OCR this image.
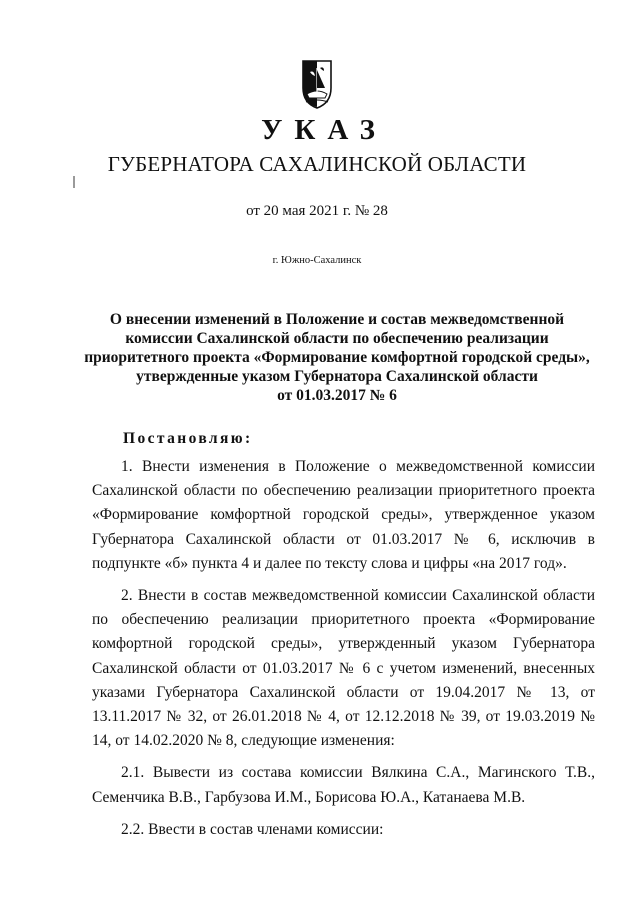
УКАЗ
ГУБЕРНАТОРА САХАЛИНСКОЙ ОБЛАСТИ
от 20 мая 2021 г. № 28
г. Южно-Сахалинск
О внесении изменений в Положение и состав межведомственной
комиссии Сахалинской области по обеспечению реализации
приоритетного проекта «Формирование комфортной городской среды»,
утвержденные указом Губернатора Сахалинской области
от 01.03.2017 № 6
Постановляю:

1. Внести изменения в Положение о межведомственной комиссии Сахалинской области по обеспечению реализации приоритетного проекта «Формирование комфортной городской среды», утвержденное указом Губернатора Сахалинской области от 01.03.2017 № 6, исключив в подпункте «б» пункта 4 и далее по тексту слова и цифры «на 2017 год».

2. Внести в состав межведомственной комиссии Сахалинской области по обеспечению реализации приоритетного проекта «Формирование комфортной городской среды», утвержденный указом Губернатора Сахалинской области от 01.03.2017 № 6 с учетом изменений, внесенных указами Губернатора Сахалинской области от 19.04.2017 № 13, от 13.11.2017 № 32, от 26.01.2018 № 4, от 12.12.2018 № 39, от 19.03.2019 № 14, от 14.02.2020 № 8, следующие изменения:

2.1. Вывести из состава комиссии Вялкина С.А., Магинского Т.В., Семенчика В.В., Гарбузова И.М., Борисова Ю.А., Катанаева М.В.

2.2. Ввести в состав членами комиссии:
